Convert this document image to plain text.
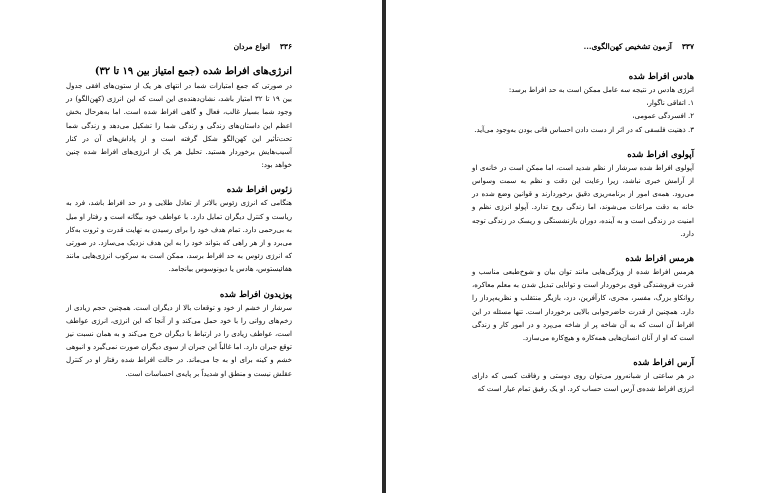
۳۳۶
انواع مردان
انرژی‌های افراط شده (جمع امتیاز بین ۱۹ تا ۳۲)

در صورتی که جمع امتیازات شما در انتهای هر یک از ستون‌های افقی جدول بین ۱۹ تا ۳۲ امتیاز باشد، نشان‌دهنده‌ی این است که این انرژی (کهن‌الگو) در وجود شما بسیار غالب، فعال و گاهی افراط شده است. اما به‌هرحال بخش اعظم این داستان‌های زندگی و زندگی شما را تشکیل می‌دهد و زندگی شما تحت‌تأثیر این کهن‌الگو شکل گرفته است و از پاداش‌های آن در کنار آسیب‌هایش برخوردار هستید. تحلیل هر یک از انرژی‌های افراط شده چنین خواهد بود:

زئوس افراط شده

هنگامی که انرژی زئوس بالاتر از تعادل طلایی و در حد افراط باشد، فرد به ریاست و کنترل دیگران تمایل دارد. با عواطف خود بیگانه است و رفتار او میل به بی‌رحمی دارد. تمام هدف خود را برای رسیدن به نهایت قدرت و ثروت به‌کار می‌برد و از هر راهی که بتواند خود را به این هدف نزدیک می‌سازد. در صورتی که انرژی زئوس به حد افراط برسد، ممکن است به سرکوب انرژی‌هایی مانند هفائیستوس، هادس یا دیونوسوس بیانجامد.

پوزیدون افراط شده

سرشار از خشم از خود و توقعات بالا از دیگران است. همچنین حجم زیادی از زخم‌های روانی را با خود حمل می‌کند و از آنجا که این انرژی، انرژی عواطف است، عواطف زیادی را در ارتباط با دیگران خرج می‌کند و به همان نسبت نیز توقع جبران دارد. اما غالباً این جبران از سوی دیگران صورت نمی‌گیرد و انبوهی خشم و کینه برای او به جا می‌ماند. در حالت افراط شده رفتار او در کنترل عقلش نیست و منطق او شدیداً بر پایه‌ی احساسات است.

۳۳۷
آزمون تشخیص کهن‌الگوی...
هادس افراط شده

انرژی هادس در نتیجه سه عامل ممکن است به حد افراط برسد:

۱. اتفاقی ناگوار،
۲. افسردگی عمومی،
۳. ذهنیت فلسفی که در اثر از دست دادن احساس فانی بودن به‌وجود می‌آید.
آپولوی افراط شده

آپولوی افراط شده سرشار از نظم شدید است، اما ممکن است در خانه‌ی او از آرامش خبری نباشد، زیرا رعایت این دقت و نظم به سمت وسواس می‌رود. همه‌ی امور از برنامه‌ریزی دقیق برخوردارند و قوانین وضع شده در خانه به دقت مراعات می‌شوند، اما زندگی روح ندارد. آپولو انرژی نظم و امنیت در زندگی است و به آینده، دوران بازنشستگی و ریسک در زندگی توجه دارد.

هرمس افراط شده

هرمس افراط شده از ویژگی‌هایی مانند توان بیان و شوخ‌طبعی مناسب و قدرت فروشندگی قوی برخوردار است و توانایی تبدیل شدن به معلم معاکره، روانکاو بزرگ، مفسر، مجری، کارآفرین، دزد، بازیگر منتقلب و نظریه‌پرداز را دارد. همچنین از قدرت حاضرجوابی بالایی برخوردار است. تنها مسئله در این افراط آن است که به آن شاخه پر از شاخه می‌پرد و در امور کار و زندگی است که او از آنان انسان‌هایی همه‌کاره و هیچ‌کاره می‌سازد.

آرس افراط شده

در هر ساعتی از شبانه‌روز می‌توان روی دوستی و رفاقت کسی که دارای انرژی افراط شده‌ی آرس است حساب کرد. او یک رفیق تمام عیار است که
